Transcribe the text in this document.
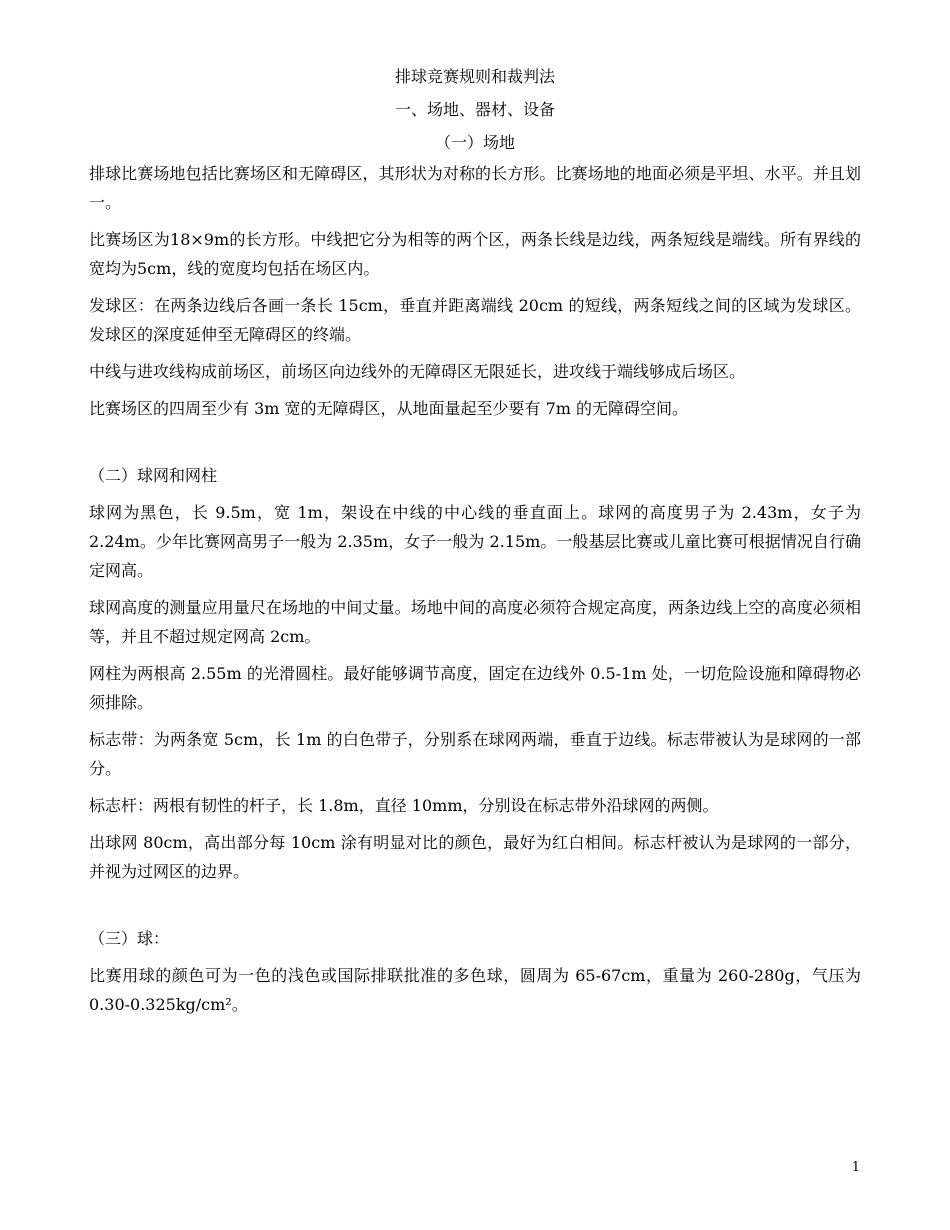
排球竞赛规则和裁判法
一、场地、器材、设备
（一）场地

排球比赛场地包括比赛场区和无障碍区，其形状为对称的长方形。比赛场地的地面必须是平坦、水平。并且划一。

比赛场区为18×9m的长方形。中线把它分为相等的两个区，两条长线是边线，两条短线是端线。所有界线的宽均为5cm，线的宽度均包括在场区内。

发球区：在两条边线后各画一条长 15cm，垂直并距离端线 20cm 的短线，两条短线之间的区域为发球区。发球区的深度延伸至无障碍区的终端。

中线与进攻线构成前场区，前场区向边线外的无障碍区无限延长，进攻线于端线够成后场区。

比赛场区的四周至少有 3m 宽的无障碍区，从地面量起至少要有 7m 的无障碍空间。

（二）球网和网柱

球网为黑色，长 9.5m，宽 1m，架设在中线的中心线的垂直面上。球网的高度男子为 2.43m，女子为 2.24m。少年比赛网高男子一般为 2.35m，女子一般为 2.15m。一般基层比赛或儿童比赛可根据情况自行确定网高。

球网高度的测量应用量尺在场地的中间丈量。场地中间的高度必须符合规定高度，两条边线上空的高度必须相等，并且不超过规定网高 2cm。

网柱为两根高 2.55m 的光滑圆柱。最好能够调节高度，固定在边线外 0.5-1m 处，一切危险设施和障碍物必须排除。

标志带：为两条宽 5cm，长 1m 的白色带子，分别系在球网两端，垂直于边线。标志带被认为是球网的一部分。

标志杆：两根有韧性的杆子，长 1.8m，直径 10mm，分别设在标志带外沿球网的两侧。

出球网 80cm，高出部分每 10cm 涂有明显对比的颜色，最好为红白相间。标志杆被认为是球网的一部分，并视为过网区的边界。

（三）球：

比赛用球的颜色可为一色的浅色或国际排联批准的多色球，圆周为 65-67cm，重量为 260-280g，气压为 0.30-0.325kg/cm²。

1
